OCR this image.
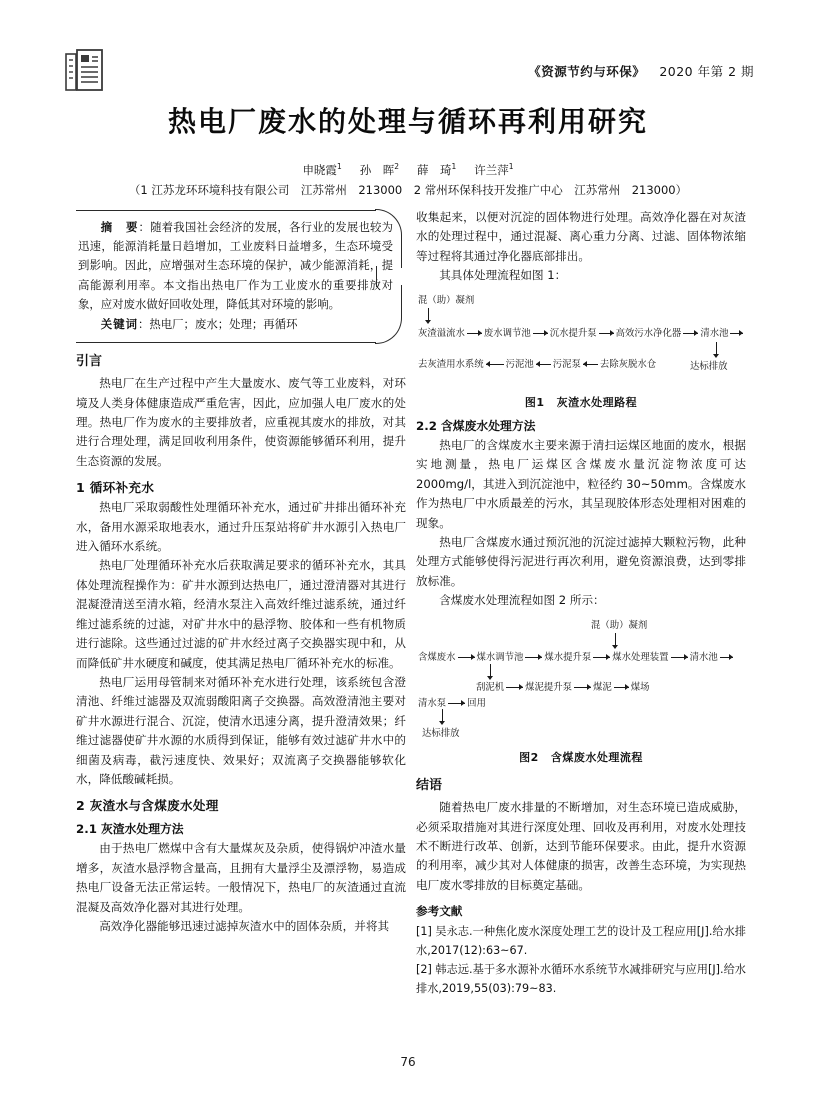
《资源节约与环保》 2020 年第 2 期
热电厂废水的处理与循环再利用研究
申晓霞$^1$ 孙　晖$^2$ 薛　琦$^1$ 许兰萍$^1$
（1 江苏龙环环境科技有限公司　江苏常州　213000　2 常州环保科技开发推广中心　江苏常州　213000）

摘　要：随着我国社会经济的发展，各行业的发展也较为迅速，能源消耗量日趋增加，工业废料日益增多，生态环境受到影响。因此，应增强对生态环境的保护，减少能源消耗，提高能源利用率。本文指出热电厂作为工业废水的重要排放对象，应对废水做好回收处理，降低其对环境的影响。

关键词：热电厂；废水；处理；再循环

引言

热电厂在生产过程中产生大量废水、废气等工业废料，对环境及人类身体健康造成严重危害，因此，应加强人电厂废水的处理。热电厂作为废水的主要排放者，应重视其废水的排放，对其进行合理处理，满足回收利用条件，使资源能够循环利用，提升生态资源的发展。

1 循环补充水

热电厂采取弱酸性处理循环补充水，通过矿井排出循环补充水，备用水源采取地表水，通过升压泵站将矿井水源引入热电厂进入循环水系统。

热电厂处理循环补充水后获取满足要求的循环补充水，其具体处理流程操作为：矿井水源到达热电厂，通过澄清器对其进行混凝澄清送至清水箱，经清水泵注入高效纤维过滤系统，通过纤维过滤系统的过滤，对矿井水中的悬浮物、胶体和一些有机物质进行滤除。这些通过过滤的矿井水经过离子交换器实现中和，从而降低矿井水硬度和碱度，使其满足热电厂循环补充水的标准。

热电厂运用母管制来对循环补充水进行处理，该系统包含澄清池、纤维过滤器及双流弱酸阳离子交换器。高效澄清池主要对矿井水源进行混合、沉淀，使清水迅速分离，提升澄清效果；纤维过滤器使矿井水源的水质得到保证，能够有效过滤矿井水中的细菌及病毒，截污速度快、效果好；双流离子交换器能够软化水，降低酸碱耗损。

2 灰渣水与含煤废水处理
2.1 灰渣水处理方法

由于热电厂燃煤中含有大量煤灰及杂质，使得锅炉冲渣水量增多，灰渣水悬浮物含量高，且拥有大量浮尘及漂浮物，易造成热电厂设备无法正常运转。一般情况下，热电厂的灰渣通过直流混凝及高效净化器对其进行处理。

高效净化器能够迅速过滤掉灰渣水中的固体杂质，并将其

收集起来，以便对沉淀的固体物进行处理。高效净化器在对灰渣水的处理过程中，通过混凝、离心重力分离、过滤、固体物浓缩等过程将其通过净化器底部排出。

其具体处理流程如图 1：

混（助）凝剂
灰渣溢流水 废水调节池 沉水提升泵 高效污水净化器 清水池
达标排放
去灰渣用水系统 污泥池 污泥泵 去除灰脱水仓
图1 灰渣水处理路程
2.2 含煤废水处理方法

热电厂的含煤废水主要来源于清扫运煤区地面的废水，根据实地测量，热电厂运煤区含煤废水量沉淀物浓度可达 2000mg/l，其进入到沉淀池中，粒径约 30~50mm。含煤废水作为热电厂中水质最差的污水，其呈现胶体形态处理相对困难的现象。

热电厂含煤废水通过预沉池的沉淀过滤掉大颗粒污物，此种处理方式能够使得污泥进行再次利用，避免资源浪费，达到零排放标准。

含煤废水处理流程如图 2 所示：

混（助）凝剂
含煤废水 煤水调节池 煤水提升泵 煤水处理装置 清水池
刮泥机 煤泥提升泵 煤泥 煤场
清水泵 回用
达标排放
图2 含煤废水处理流程
结语

随着热电厂废水排量的不断增加，对生态环境已造成威胁，必须采取措施对其进行深度处理、回收及再利用，对废水处理技术不断进行改革、创新，达到节能环保要求。由此，提升水资源的利用率，减少其对人体健康的损害，改善生态环境，为实现热电厂废水零排放的目标奠定基础。

参考文献

[1] 吴永志.一种焦化废水深度处理工艺的设计及工程应用[J].给水排水,2017(12):63~67.

[2] 韩志远.基于多水源补水循环水系统节水减排研究与应用[J].给水排水,2019,55(03):79~83.

76
